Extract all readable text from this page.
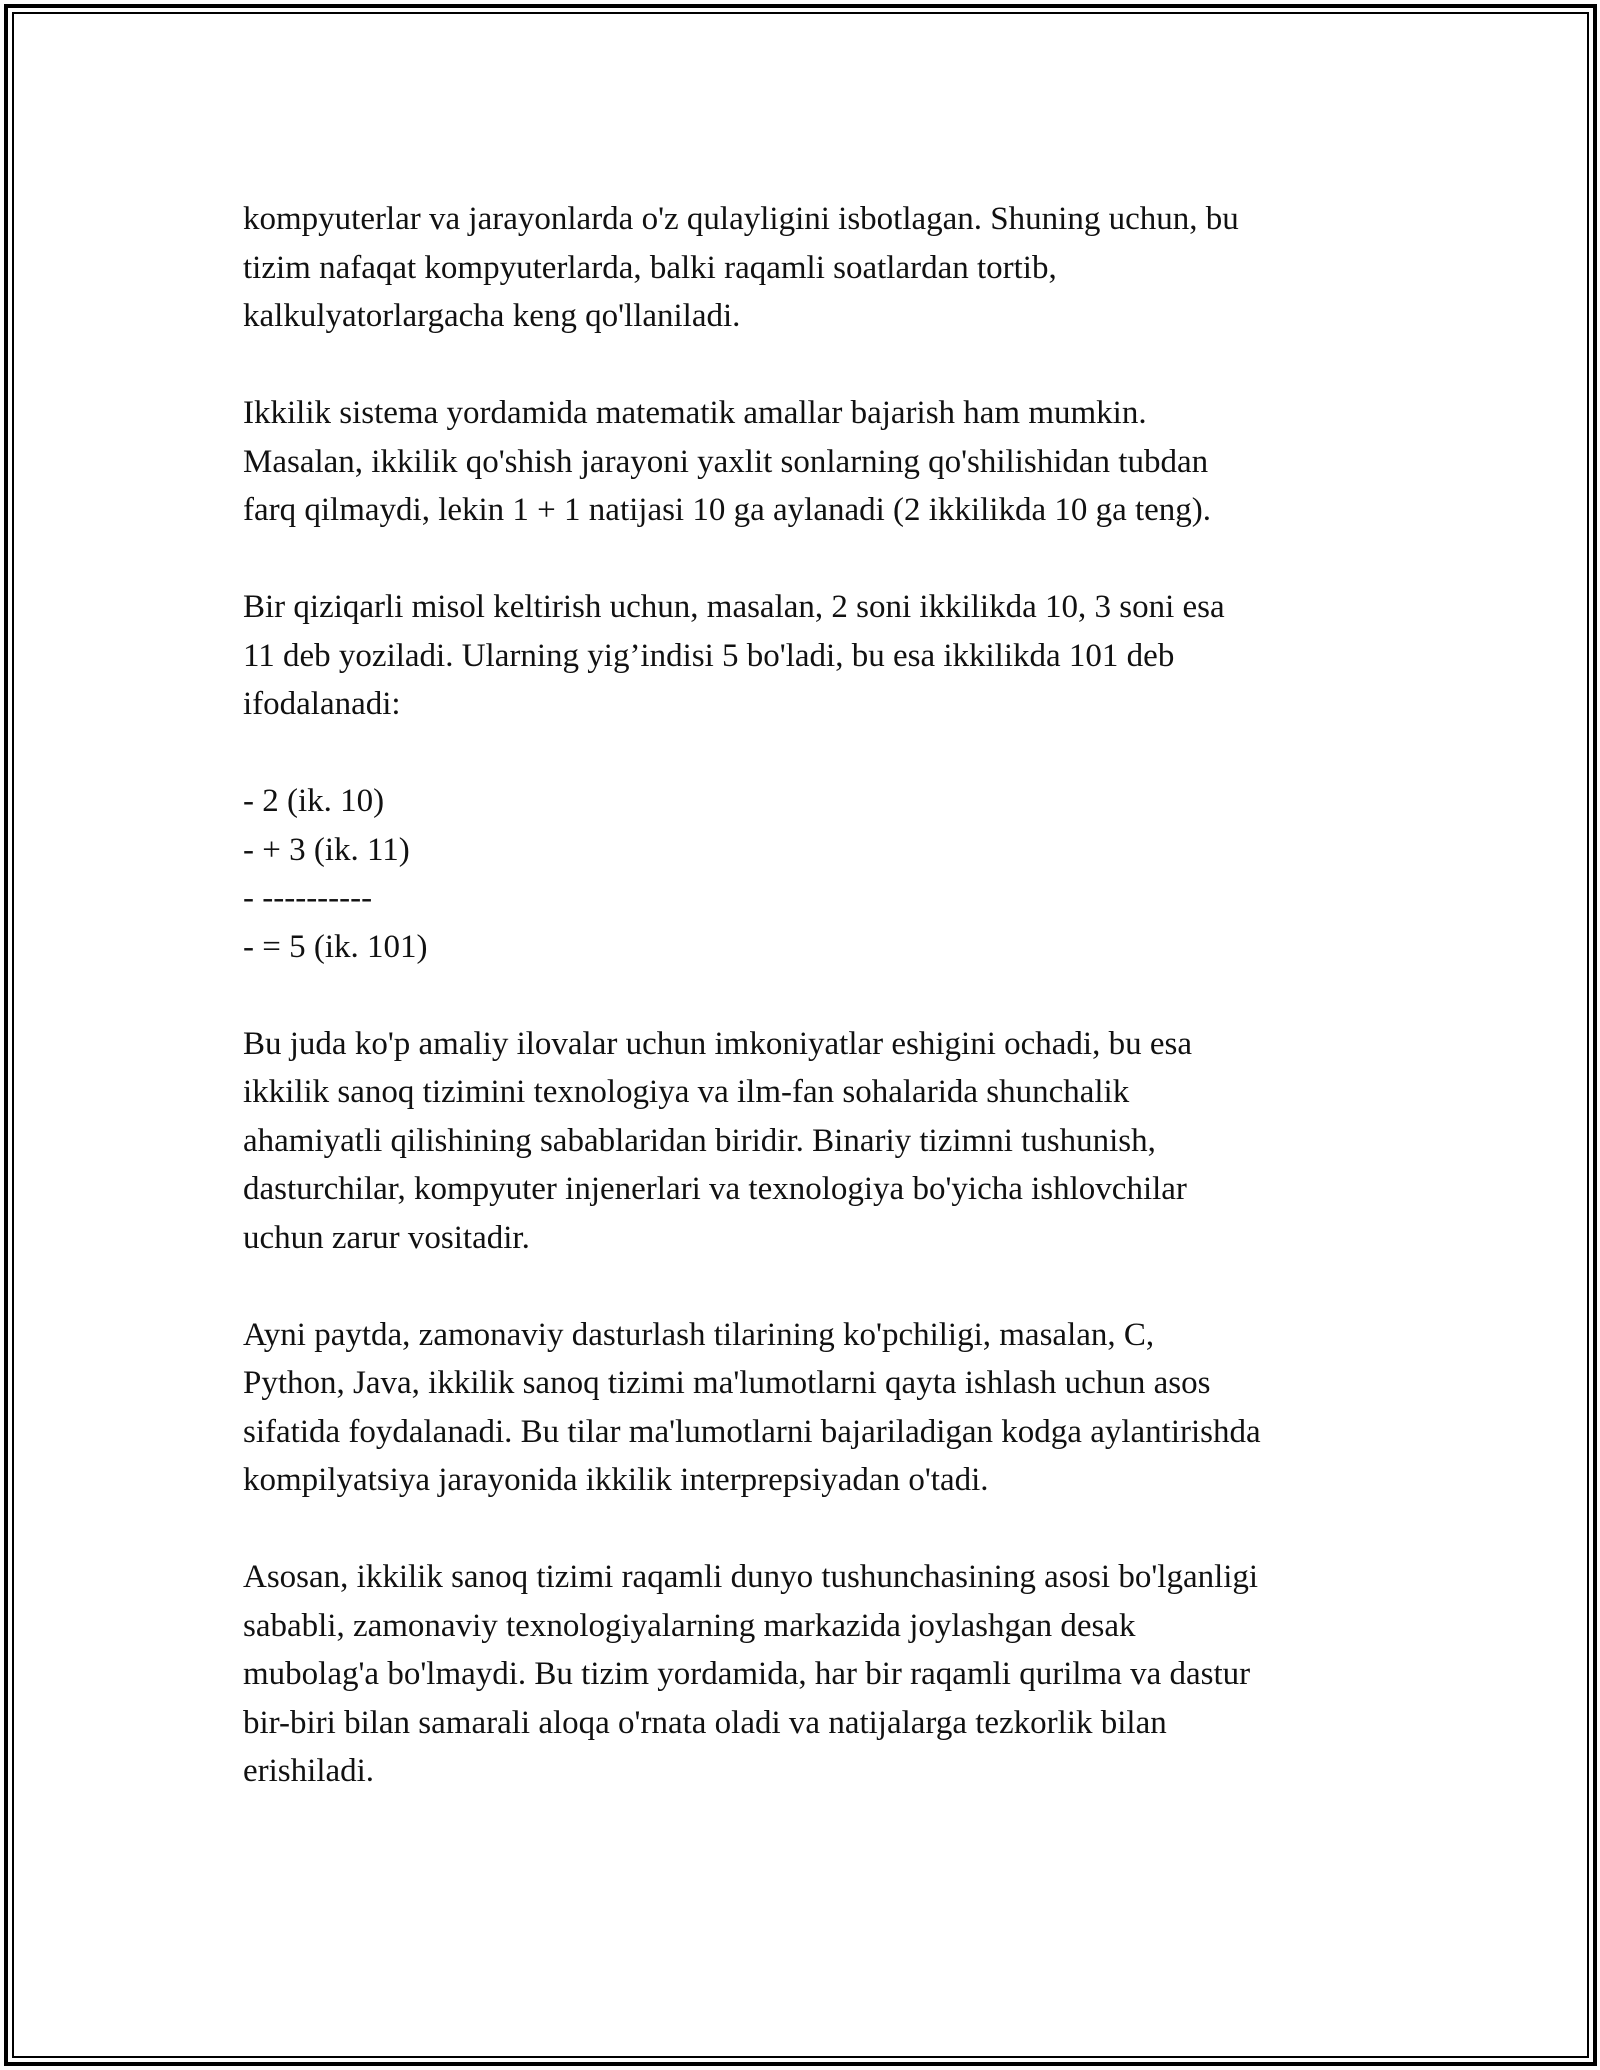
kompyuterlar va jarayonlarda o'z qulayligini isbotlagan. Shuning uchun, bu
tizim nafaqat kompyuterlarda, balki raqamli soatlardan tortib,
kalkulyatorlargacha keng qo'llaniladi.

Ikkilik sistema yordamida matematik amallar bajarish ham mumkin.
Masalan, ikkilik qo'shish jarayoni yaxlit sonlarning qo'shilishidan tubdan
farq qilmaydi, lekin 1 + 1 natijasi 10 ga aylanadi (2 ikkilikda 10 ga teng).

Bir qiziqarli misol keltirish uchun, masalan, 2 soni ikkilikda 10, 3 soni esa
11 deb yoziladi. Ularning yig’indisi 5 bo'ladi, bu esa ikkilikda 101 deb
ifodalanadi:

- 2 (ik. 10)
- + 3 (ik. 11)
- ----------
- = 5 (ik. 101)

Bu juda ko'p amaliy ilovalar uchun imkoniyatlar eshigini ochadi, bu esa
ikkilik sanoq tizimini texnologiya va ilm-fan sohalarida shunchalik
ahamiyatli qilishining sabablaridan biridir. Binariy tizimni tushunish,
dasturchilar, kompyuter injenerlari va texnologiya bo'yicha ishlovchilar
uchun zarur vositadir.

Ayni paytda, zamonaviy dasturlash tilarining ko'pchiligi, masalan, C,
Python, Java, ikkilik sanoq tizimi ma'lumotlarni qayta ishlash uchun asos
sifatida foydalanadi. Bu tilar ma'lumotlarni bajariladigan kodga aylantirishda
kompilyatsiya jarayonida ikkilik interprepsiyadan o'tadi.

Asosan, ikkilik sanoq tizimi raqamli dunyo tushunchasining asosi bo'lganligi
sababli, zamonaviy texnologiyalarning markazida joylashgan desak
mubolag'a bo'lmaydi. Bu tizim yordamida, har bir raqamli qurilma va dastur
bir-biri bilan samarali aloqa o'rnata oladi va natijalarga tezkorlik bilan
erishiladi.
